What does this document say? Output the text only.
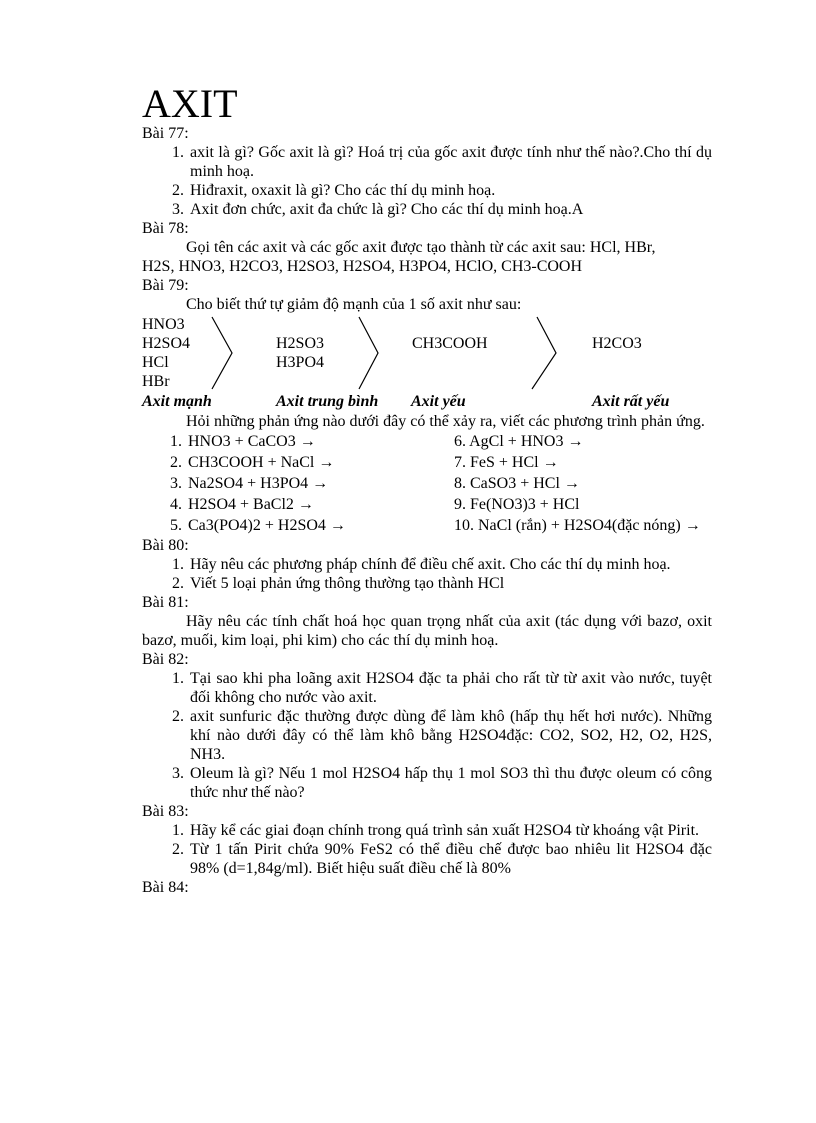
AXIT

Bài 77:

1. axit là gì? Gốc axit là gì? Hoá trị của gốc axit được tính như thế nào?.Cho thí dụ minh hoạ.
2. Hiđraxit, oxaxit là gì? Cho các thí dụ minh hoạ.
3. Axit đơn chức, axit đa chức là gì? Cho các thí dụ minh hoạ.A

Bài 78:

Gọi tên các axit và các gốc axit được tạo thành từ các axit sau: HCl, HBr,

H2S, HNO3, H2CO3, H2SO3, H2SO4, H3PO4, HClO, CH3-COOH

Bài 79:

Cho biết thứ tự giảm độ mạnh của 1 số axit như sau:

HNO3
H2SO4
HCl
HBr
H2SO3
H3PO4
CH3COOH	H2CO3
Axit mạnh	Axit trung bình Axit yếu	Axit rất yếu

Hỏi những phản ứng nào dưới đây có thể xảy ra, viết các phương trình phản ứng.

1. HNO3 + CaCO3 →	6. AgCl + HNO3 →
2. CH3COOH + NaCl →	7. FeS + HCl →
3. Na2SO4 + H3PO4 →	8. CaSO3 + HCl →
4. H2SO4 + BaCl2 →	9. Fe(NO3)3 + HCl
5. Ca3(PO4)2 + H2SO4 →	10. NaCl (rắn) + H2SO4(đặc nóng) →

Bài 80:

1. Hãy nêu các phương pháp chính để điều chế axit. Cho các thí dụ minh hoạ.
2. Viết 5 loại phản ứng thông thường tạo thành HCl

Bài 81:

Hãy nêu các tính chất hoá học quan trọng nhất của axit (tác dụng với bazơ, oxit bazơ, muối, kim loại, phi kim) cho các thí dụ minh hoạ.

Bài 82:

1. Tại sao khi pha loãng axit H2SO4 đặc ta phải cho rất từ từ axit vào nước, tuyệt đối không cho nước vào axit.
2. axit sunfuric đặc thường được dùng để làm khô (hấp thụ hết hơi nước). Những khí nào dưới đây có thể làm khô bằng H2SO4đặc: CO2, SO2, H2, O2, H2S, NH3.
3. Oleum là gì? Nếu 1 mol H2SO4 hấp thụ 1 mol SO3 thì thu được oleum có công thức như thế nào?

Bài 83:

1. Hãy kể các giai đoạn chính trong quá trình sản xuất H2SO4 từ khoáng vật Pirit.
2. Từ 1 tấn Pirit chứa 90% FeS2 có thể điều chế được bao nhiêu lit H2SO4 đặc 98% (d=1,84g/ml). Biết hiệu suất điều chế là 80%

Bài 84:
